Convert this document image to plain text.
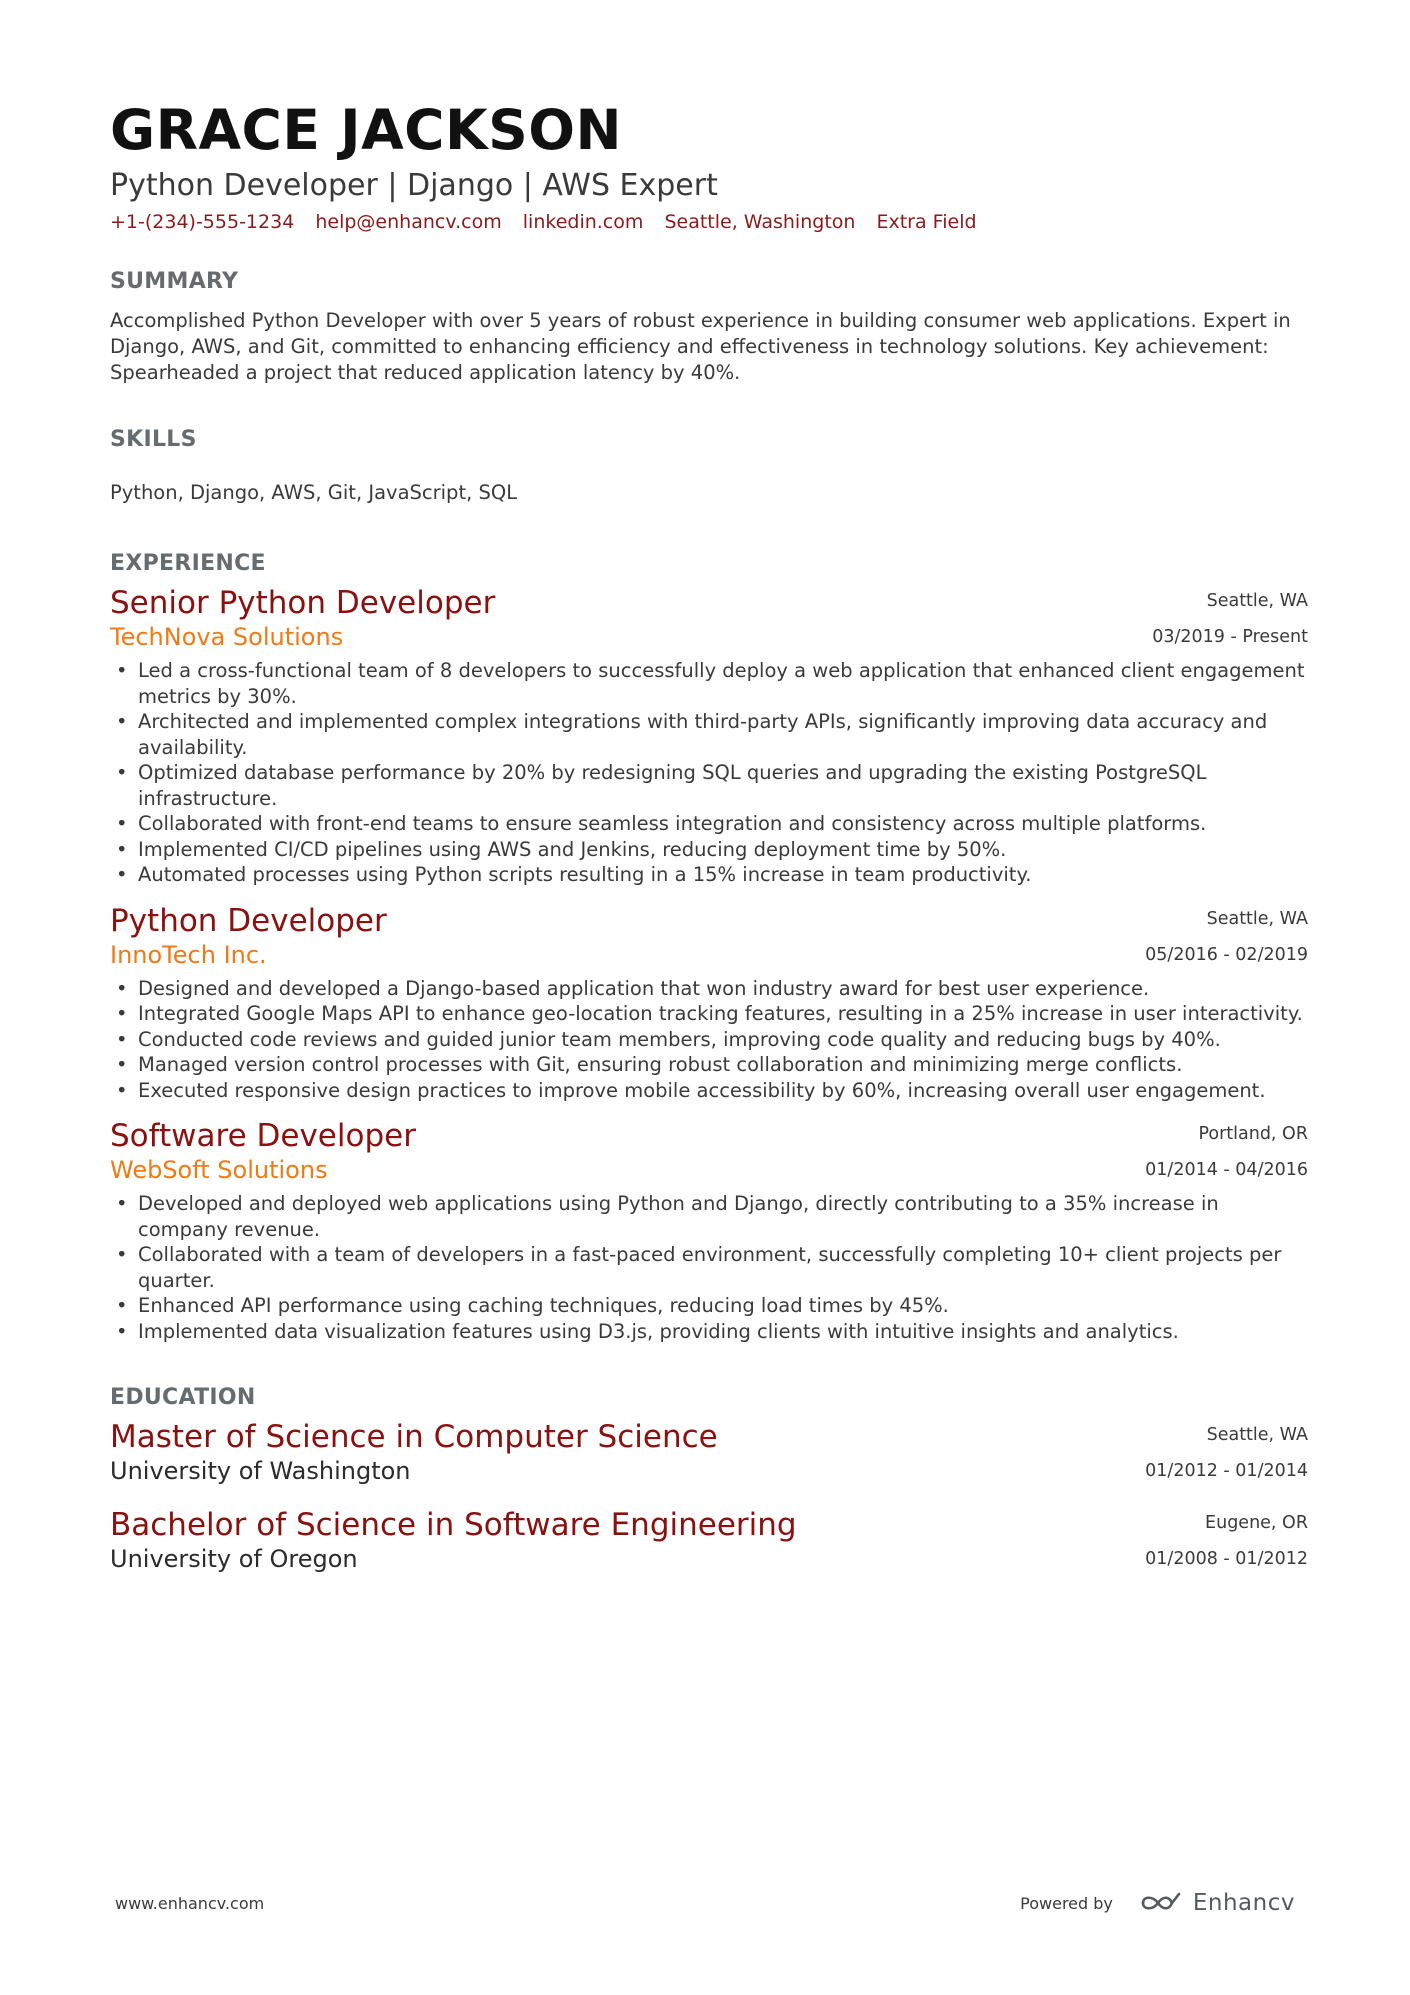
GRACE JACKSON
Python Developer | Django | AWS Expert
+1-(234)-555-1234 help@enhancv.com linkedin.com Seattle, Washington Extra Field
SUMMARY
Accomplished Python Developer with over 5 years of robust experience in building consumer web applications. Expert in Django, AWS, and Git, committed to enhancing efficiency and effectiveness in technology solutions. Key achievement: Spearheaded a project that reduced application latency by 40%.
SKILLS
Python, Django, AWS, Git, JavaScript, SQL
EXPERIENCE
Senior Python Developer
TechNova Solutions
Seattle, WA
03/2019 - Present
• Led a cross-functional team of 8 developers to successfully deploy a web application that enhanced client engagement metrics by 30%.
• Architected and implemented complex integrations with third-party APIs, significantly improving data accuracy and availability.
• Optimized database performance by 20% by redesigning SQL queries and upgrading the existing PostgreSQL infrastructure.
• Collaborated with front-end teams to ensure seamless integration and consistency across multiple platforms.
• Implemented CI/CD pipelines using AWS and Jenkins, reducing deployment time by 50%.
• Automated processes using Python scripts resulting in a 15% increase in team productivity.
Python Developer
InnoTech Inc.
Seattle, WA
05/2016 - 02/2019
• Designed and developed a Django-based application that won industry award for best user experience.
• Integrated Google Maps API to enhance geo-location tracking features, resulting in a 25% increase in user interactivity.
• Conducted code reviews and guided junior team members, improving code quality and reducing bugs by 40%.
• Managed version control processes with Git, ensuring robust collaboration and minimizing merge conflicts.
• Executed responsive design practices to improve mobile accessibility by 60%, increasing overall user engagement.
Software Developer
WebSoft Solutions
Portland, OR
01/2014 - 04/2016
• Developed and deployed web applications using Python and Django, directly contributing to a 35% increase in company revenue.
• Collaborated with a team of developers in a fast-paced environment, successfully completing 10+ client projects per quarter.
• Enhanced API performance using caching techniques, reducing load times by 45%.
• Implemented data visualization features using D3.js, providing clients with intuitive insights and analytics.
EDUCATION
Master of Science in Computer Science
University of Washington
Seattle, WA
01/2012 - 01/2014
Bachelor of Science in Software Engineering
University of Oregon
Eugene, OR
01/2008 - 01/2012
www.enhancv.com	Powered by	Enhancv
